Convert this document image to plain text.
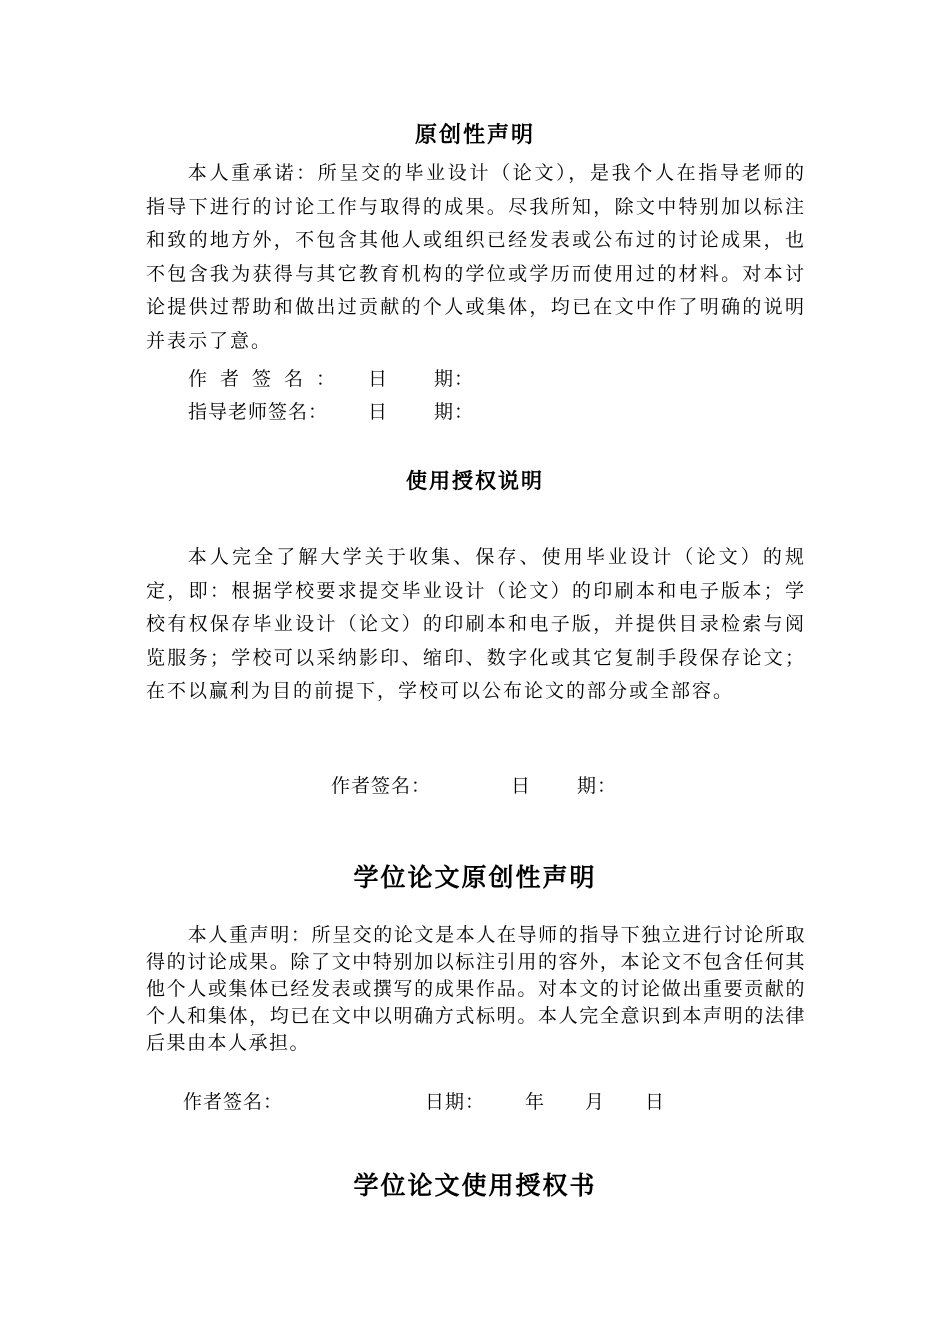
原创性声明
本人重承诺：所呈交的毕业设计（论文），是我个人在指导老师的指导下进行的讨论工作与取得的成果。尽我所知，除文中特别加以标注和致的地方外，不包含其他人或组织已经发表或公布过的讨论成果，也不包含我为获得与其它教育机构的学位或学历而使用过的材料。对本讨论提供过帮助和做出过贡献的个人或集体，均已在文中作了明确的说明并表示了意。
作者签名： 日 期：
指导老师签名： 日 期：
使用授权说明
本人完全了解大学关于收集、保存、使用毕业设计（论文）的规定，即：根据学校要求提交毕业设计（论文）的印刷本和电子版本；学校有权保存毕业设计（论文）的印刷本和电子版，并提供目录检索与阅览服务；学校可以采纳影印、缩印、数字化或其它复制手段保存论文；在不以赢利为目的前提下，学校可以公布论文的部分或全部容。
作者签名：	日 期：
学位论文原创性声明
本人重声明：所呈交的论文是本人在导师的指导下独立进行讨论所取得的讨论成果。除了文中特别加以标注引用的容外，本论文不包含任何其他个人或集体已经发表或撰写的成果作品。对本文的讨论做出重要贡献的个人和集体，均已在文中以明确方式标明。本人完全意识到本声明的法律后果由本人承担。
作者签名：	日期： 年 月 日
学位论文使用授权书
